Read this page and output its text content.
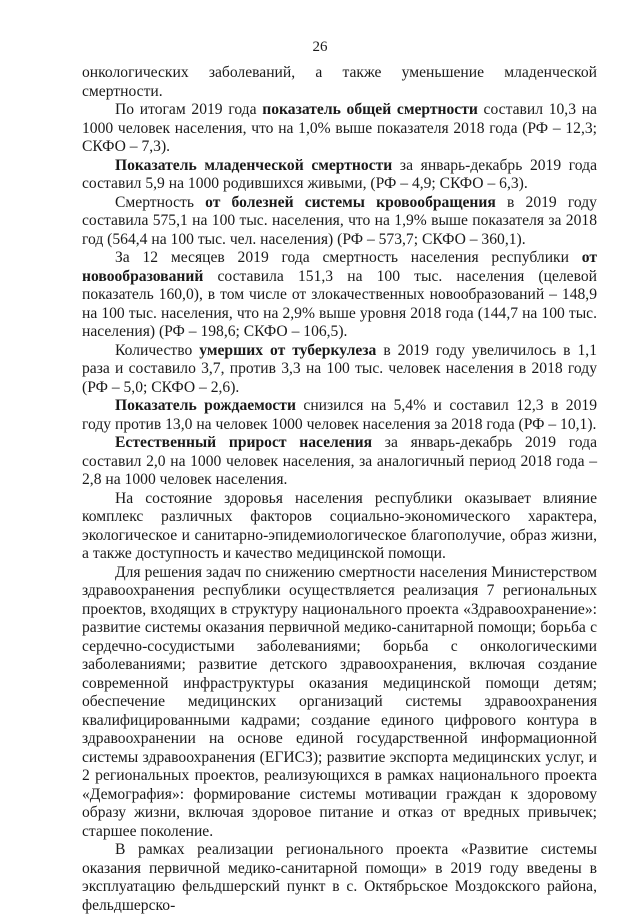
26

онкологических заболеваний, а также уменьшение младенческой смертности.

По итогам 2019 года показатель общей смертности составил 10,3 на 1000 человек населения, что на 1,0% выше показателя 2018 года (РФ – 12,3; СКФО – 7,3).

Показатель младенческой смертности за январь-декабрь 2019 года составил 5,9 на 1000 родившихся живыми, (РФ – 4,9; СКФО – 6,3).

Смертность от болезней системы кровообращения в 2019 году составила 575,1 на 100 тыс. населения, что на 1,9% выше показателя за 2018 год (564,4 на 100 тыс. чел. населения) (РФ – 573,7; СКФО – 360,1).

За 12 месяцев 2019 года смертность населения республики от новообразований составила 151,3 на 100 тыс. населения (целевой показатель 160,0), в том числе от злокачественных новообразований – 148,9 на 100 тыс. населения, что на 2,9% выше уровня 2018 года (144,7 на 100 тыс. населения) (РФ – 198,6; СКФО – 106,5).

Количество умерших от туберкулеза в 2019 году увеличилось в 1,1 раза и составило 3,7, против 3,3 на 100 тыс. человек населения в 2018 году (РФ – 5,0; СКФО – 2,6).

Показатель рождаемости снизился на 5,4% и составил 12,3 в 2019 году против 13,0 на человек 1000 человек населения за 2018 года (РФ – 10,1).

Естественный прирост населения за январь-декабрь 2019 года составил 2,0 на 1000 человек населения, за аналогичный период 2018 года – 2,8 на 1000 человек населения.

На состояние здоровья населения республики оказывает влияние комплекс различных факторов социально-экономического характера, экологическое и санитарно-эпидемиологическое благополучие, образ жизни, а также доступность и качество медицинской помощи.

Для решения задач по снижению смертности населения Министерством здравоохранения республики осуществляется реализация 7 региональных проектов, входящих в структуру национального проекта «Здравоохранение»: развитие системы оказания первичной медико-санитарной помощи; борьба с сердечно-сосудистыми заболеваниями; борьба с онкологическими заболеваниями; развитие детского здравоохранения, включая создание современной инфраструктуры оказания медицинской помощи детям; обеспечение медицинских организаций системы здравоохранения квалифицированными кадрами; создание единого цифрового контура в здравоохранении на основе единой государственной информационной системы здравоохранения (ЕГИСЗ); развитие экспорта медицинских услуг, и 2 региональных проектов, реализующихся в рамках национального проекта «Демография»: формирование системы мотивации граждан к здоровому образу жизни, включая здоровое питание и отказ от вредных привычек; старшее поколение.

В рамках реализации регионального проекта «Развитие системы оказания первичной медико-санитарной помощи» в 2019 году введены в эксплуатацию фельдшерский пункт в с. Октябрьское Моздокского района, фельдшерско-
